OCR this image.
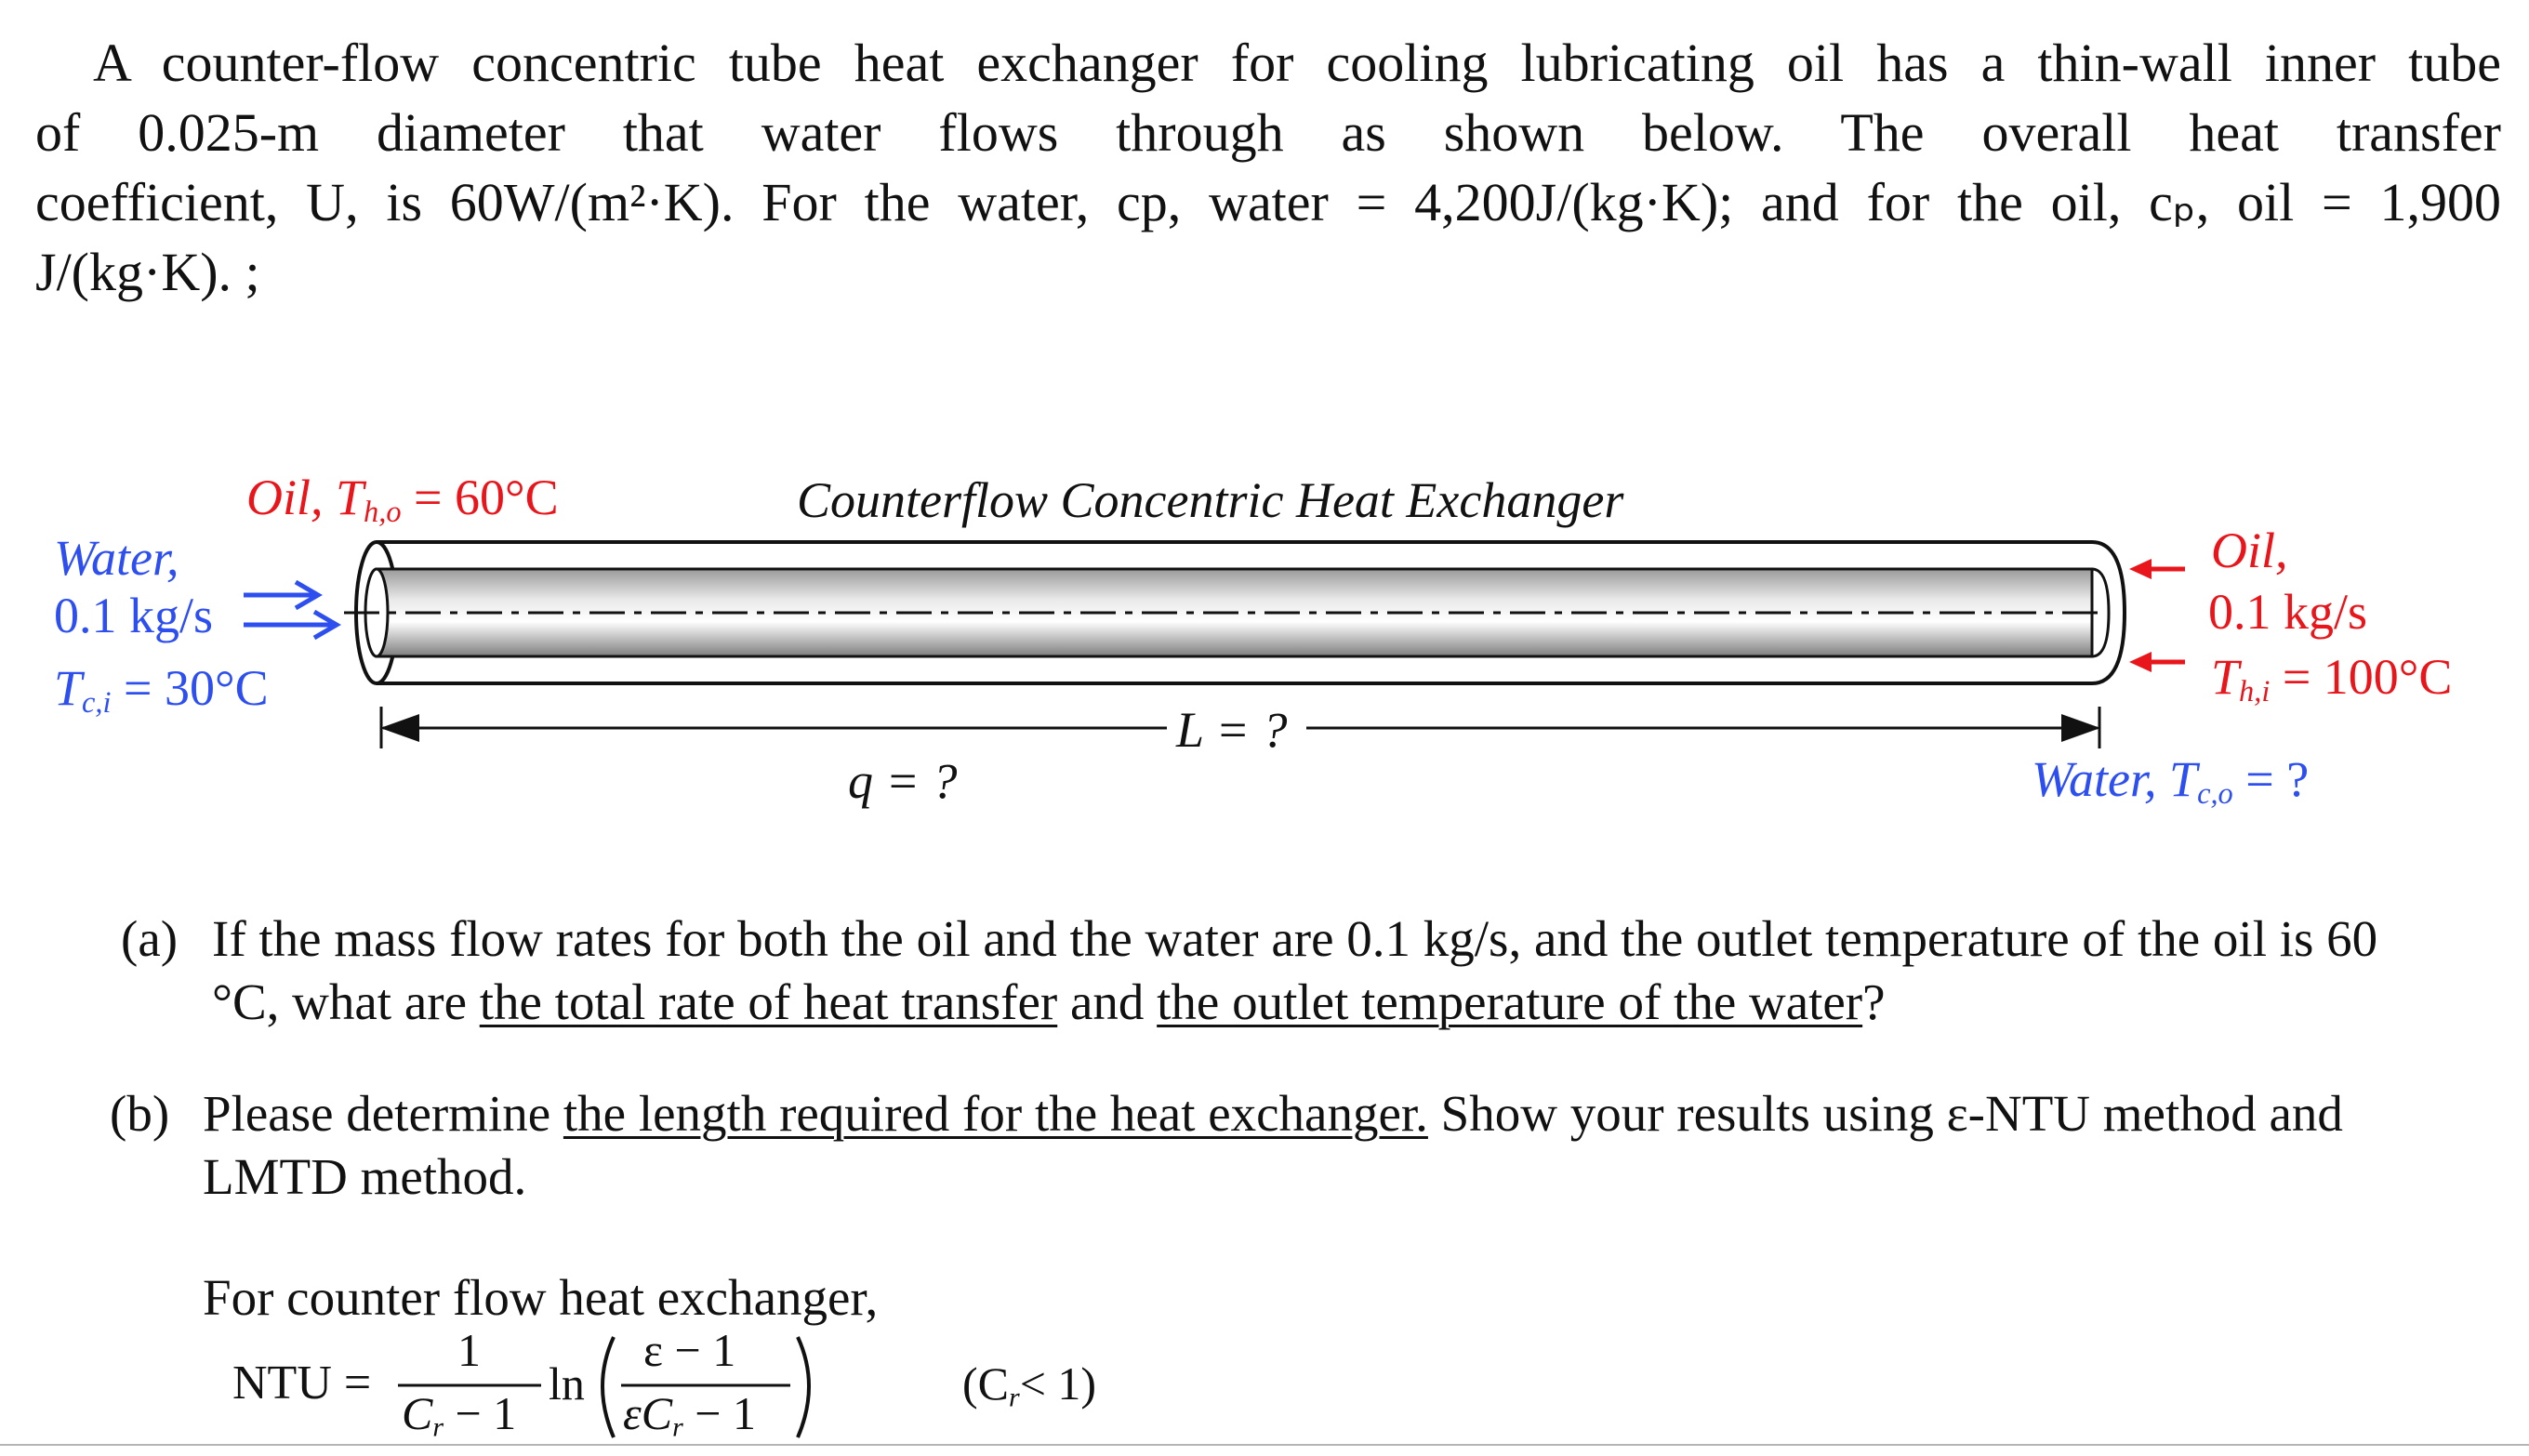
A counter-flow concentric tube heat exchanger for cooling lubricating oil has a thin-wall inner tube
of 0.025-m diameter that water flows through as shown below. The overall heat transfer
coefficient, U, is 60W/(m²·K). For the water, cp, water = 4,200J/(kg·K); and for the oil, cₚ, oil = 1,900
J/(kg·K). ;
Oil, $T_{h,o} = 60^\circ C$	Counterflow Concentric Heat Exchanger
Water,
0.1 kg/s
$T_{c,i} = 30^\circ C$
Oil,
0.1 kg/s
$T_{h,i} = 100^\circ C$
L = ?
q = ?	Water, $T_{c,o}$ = ?
(a) If the mass flow rates for both the oil and the water are 0.1 kg/s, and the outlet temperature of the oil is 60
°C, what are the total rate of heat transfer and the outlet temperature of the water?
(b) Please determine the length required for the heat exchanger. Show your results using ε-NTU method and
LMTD method.
For counter flow heat exchanger,
NTU =
1
$C_r - 1$
ln
ε − 1
$\varepsilon C_r - 1$
$(C_r< 1)$
